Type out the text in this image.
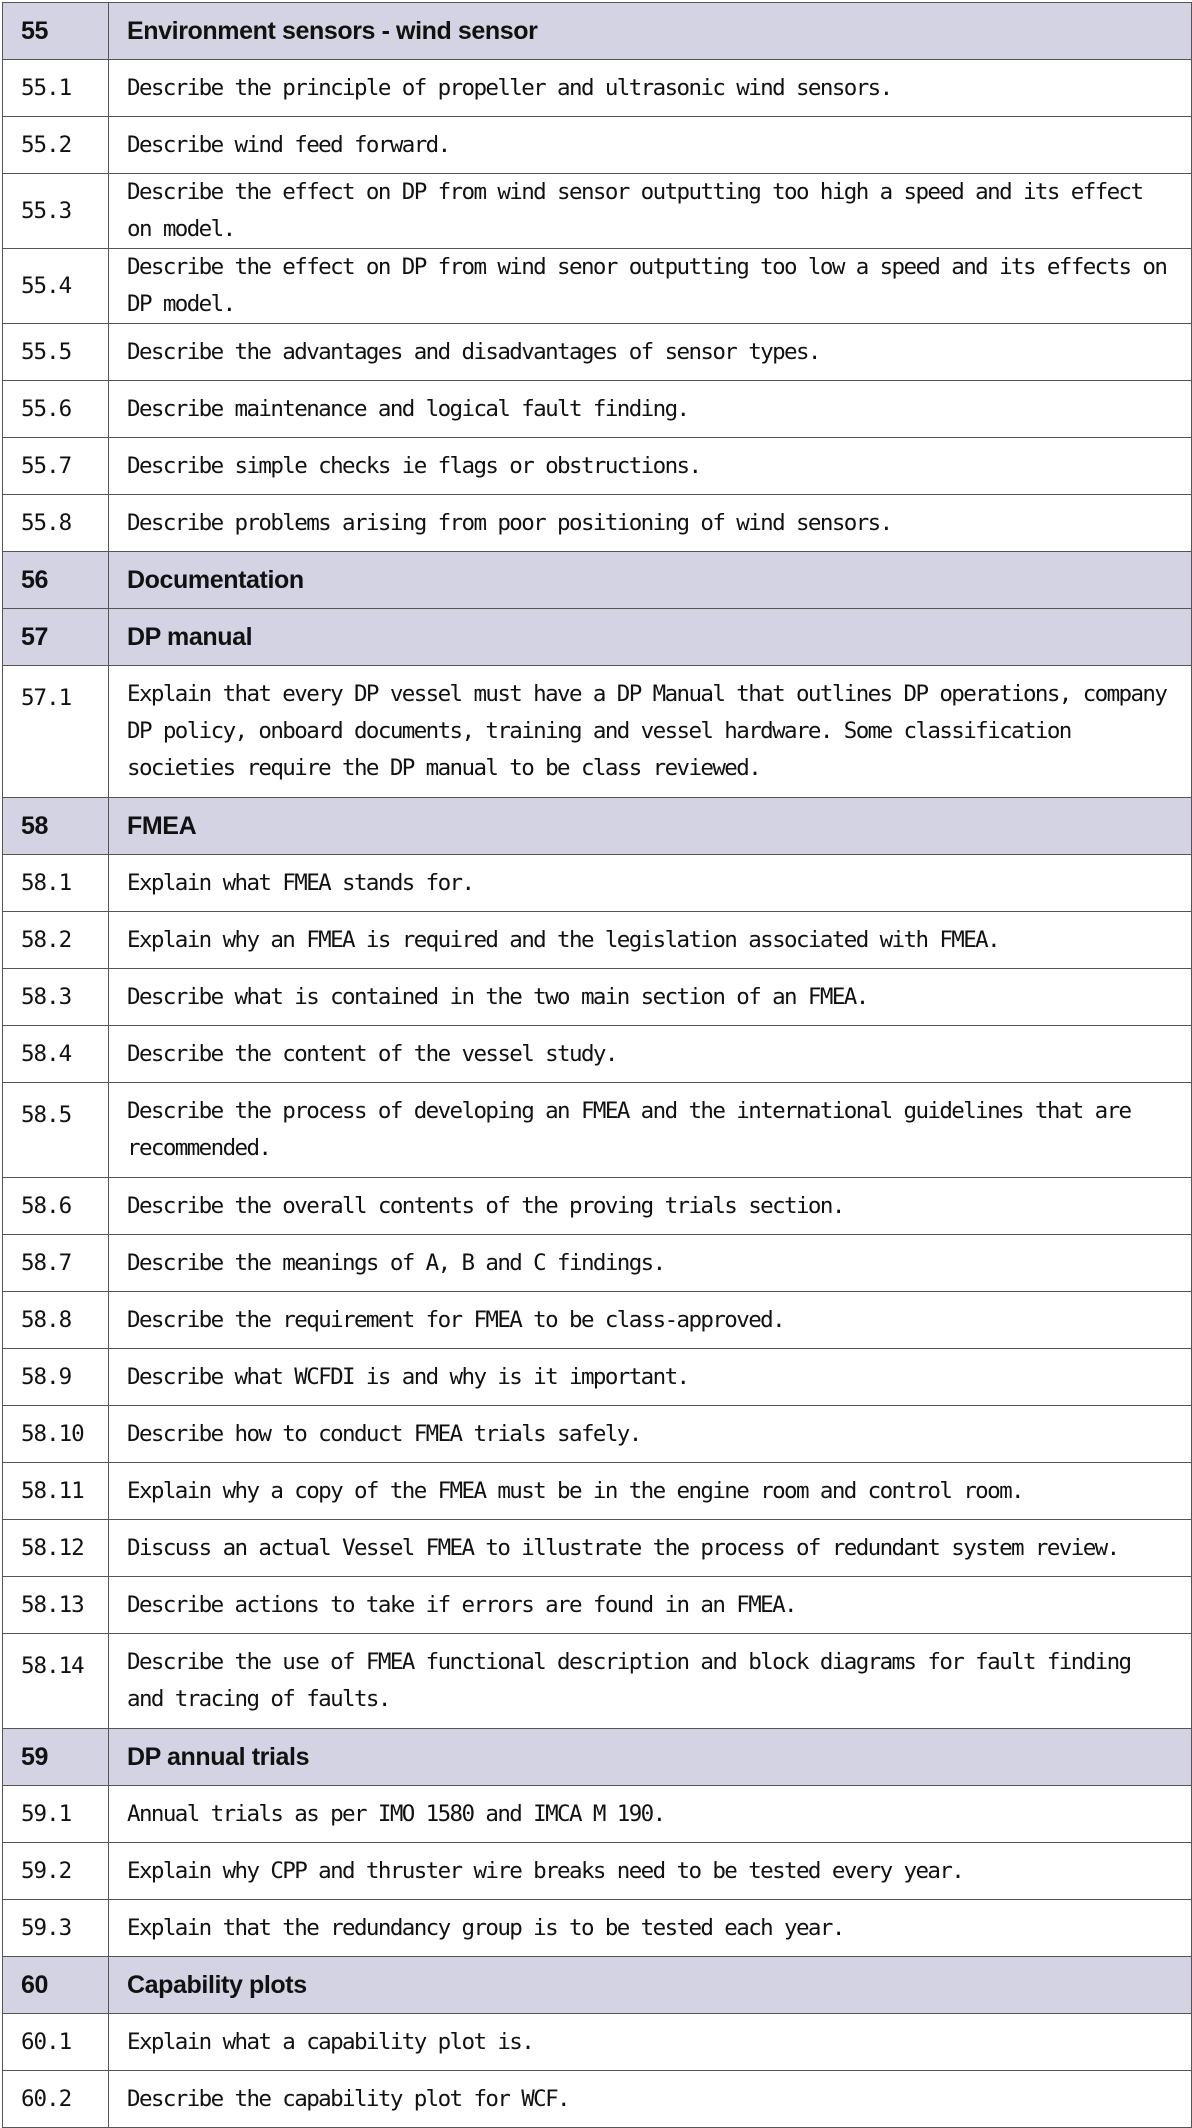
55	Environment sensors - wind sensor
55.1	Describe the principle of propeller and ultrasonic wind sensors.
55.2	Describe wind feed forward.
55.3	Describe the effect on DP from wind sensor outputting too high a speed and its effect on model.
55.4	Describe the effect on DP from wind senor outputting too low a speed and its effects on DP model.
55.5	Describe the advantages and disadvantages of sensor types.
55.6	Describe maintenance and logical fault finding.
55.7	Describe simple checks ie flags or obstructions.
55.8	Describe problems arising from poor positioning of wind sensors.
56	Documentation
57	DP manual
57.1	Explain that every DP vessel must have a DP Manual that outlines DP operations, company DP policy, onboard documents, training and vessel hardware. Some classification societies require the DP manual to be class reviewed.
58	FMEA
58.1	Explain what FMEA stands for.
58.2	Explain why an FMEA is required and the legislation associated with FMEA.
58.3	Describe what is contained in the two main section of an FMEA.
58.4	Describe the content of the vessel study.
58.5	Describe the process of developing an FMEA and the international guidelines that are recommended.
58.6	Describe the overall contents of the proving trials section.
58.7	Describe the meanings of A, B and C findings.
58.8	Describe the requirement for FMEA to be class-approved.
58.9	Describe what WCFDI is and why is it important.
58.10	Describe how to conduct FMEA trials safely.
58.11	Explain why a copy of the FMEA must be in the engine room and control room.
58.12	Discuss an actual Vessel FMEA to illustrate the process of redundant system review.
58.13	Describe actions to take if errors are found in an FMEA.
58.14	Describe the use of FMEA functional description and block diagrams for fault finding and tracing of faults.
59	DP annual trials
59.1	Annual trials as per IMO 1580 and IMCA M 190.
59.2	Explain why CPP and thruster wire breaks need to be tested every year.
59.3	Explain that the redundancy group is to be tested each year.
60	Capability plots
60.1	Explain what a capability plot is.
60.2	Describe the capability plot for WCF.
